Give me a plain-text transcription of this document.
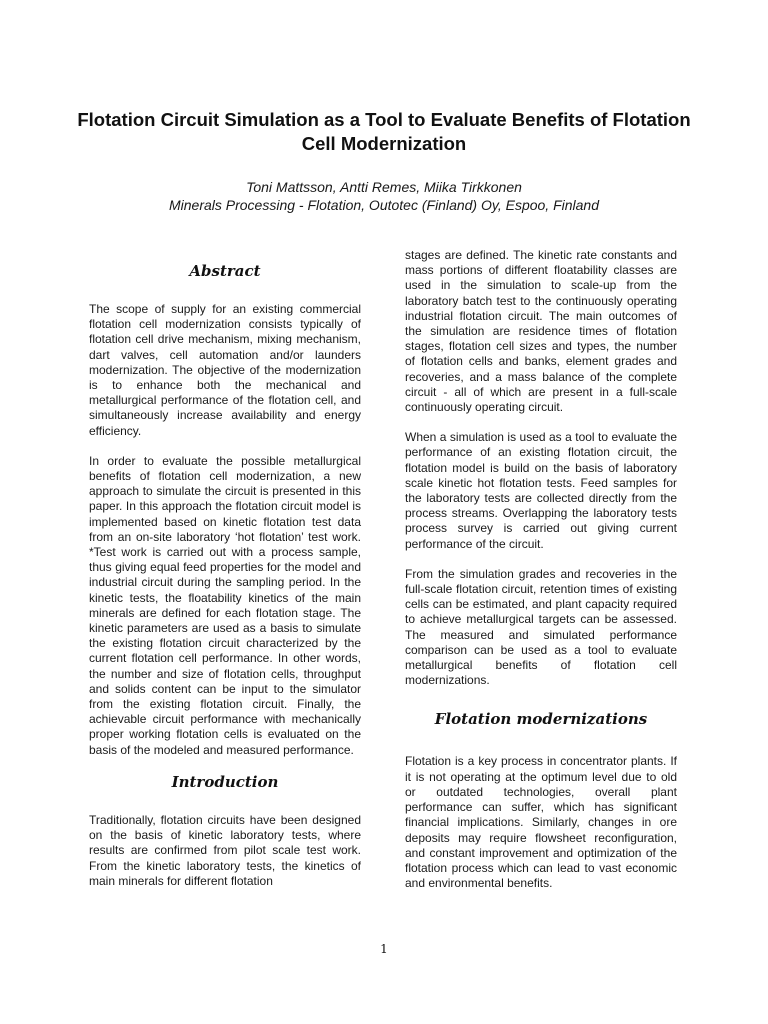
Flotation Circuit Simulation as a Tool to Evaluate Benefits of Flotation Cell Modernization
Toni Mattsson, Antti Remes, Miika Tirkkonen
Minerals Processing - Flotation, Outotec (Finland) Oy, Espoo, Finland
Abstract

The scope of supply for an existing commercial flotation cell modernization consists typically of flotation cell drive mechanism, mixing mechanism, dart valves, cell automation and/or launders modernization. The objective of the modernization is to enhance both the mechanical and metallurgical performance of the flotation cell, and simultaneously increase availability and energy efficiency.

In order to evaluate the possible metallurgical benefits of flotation cell modernization, a new approach to simulate the circuit is presented in this paper. In this approach the flotation circuit model is implemented based on kinetic flotation test data from an on-site laboratory ‘hot flotation’ test work. *Test work is carried out with a process sample, thus giving equal feed properties for the model and industrial circuit during the sampling period. In the kinetic tests, the floatability kinetics of the main minerals are defined for each flotation stage. The kinetic parameters are used as a basis to simulate the existing flotation circuit characterized by the current flotation cell performance. In other words, the number and size of flotation cells, throughput and solids content can be input to the simulator from the existing flotation circuit. Finally, the achievable circuit performance with mechanically proper working flotation cells is evaluated on the basis of the modeled and measured performance.

Introduction

Traditionally, flotation circuits have been designed on the basis of kinetic laboratory tests, where results are confirmed from pilot scale test work. From the kinetic laboratory tests, the kinetics of main minerals for different flotation

stages are defined. The kinetic rate constants and mass portions of different floatability classes are used in the simulation to scale-up from the laboratory batch test to the continuously operating industrial flotation circuit. The main outcomes of the simulation are residence times of flotation stages, flotation cell sizes and types, the number of flotation cells and banks, element grades and recoveries, and a mass balance of the complete circuit - all of which are present in a full-scale continuously operating circuit.

When a simulation is used as a tool to evaluate the performance of an existing flotation circuit, the flotation model is build on the basis of laboratory scale kinetic hot flotation tests. Feed samples for the laboratory tests are collected directly from the process streams. Overlapping the laboratory tests process survey is carried out giving current performance of the circuit.

From the simulation grades and recoveries in the full-scale flotation circuit, retention times of existing cells can be estimated, and plant capacity required to achieve metallurgical targets can be assessed. The measured and simulated performance comparison can be used as a tool to evaluate metallurgical benefits of flotation cell modernizations.

Flotation modernizations

Flotation is a key process in concentrator plants. If it is not operating at the optimum level due to old or outdated technologies, overall plant performance can suffer, which has significant financial implications. Similarly, changes in ore deposits may require flowsheet reconfiguration, and constant improvement and optimization of the flotation process which can lead to vast economic and environmental benefits.

1
